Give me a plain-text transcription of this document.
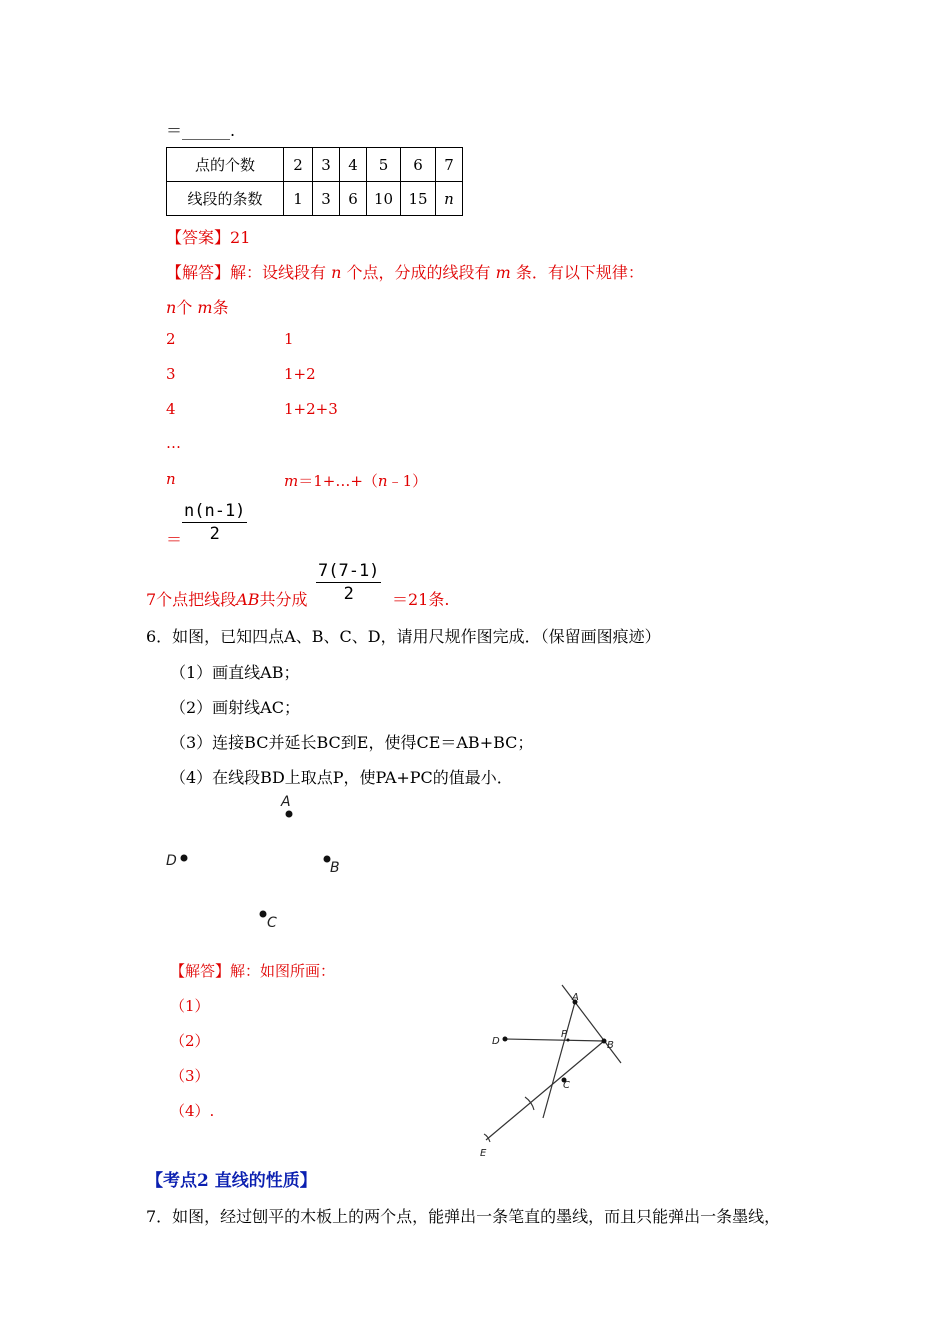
＝______.
点的个数	2	3	4	5	6	7
线段的条数	1	3	6	10	15	n
【答案】21
【解答】解：设线段有 n 个点，分成的线段有 m 条．有以下规律：
n个 m条
2	1
3	1+2
4	1+2+3
…
n	m＝1+…+（n﹣1）
＝ $\frac{n(n-1)}{2}$
7个点把线段AB共分成 $\frac{7(7-1)}{2} =21$条.
6．如图，已知四点A、B、C、D，请用尺规作图完成．（保留画图痕迹）
（1）画直线AB；
（2）画射线AC；
（3）连接BC并延长BC到E，使得CE＝AB+BC；
（4）在线段BD上取点P，使PA+PC的值最小．
A
D	B
C
【解答】解：如图所画：
（1）
（2）
（3）
（4）.
A
D	B
P
C
E
【考点2 直线的性质】
7．如图，经过刨平的木板上的两个点，能弹出一条笔直的墨线，而且只能弹出一条墨线，
